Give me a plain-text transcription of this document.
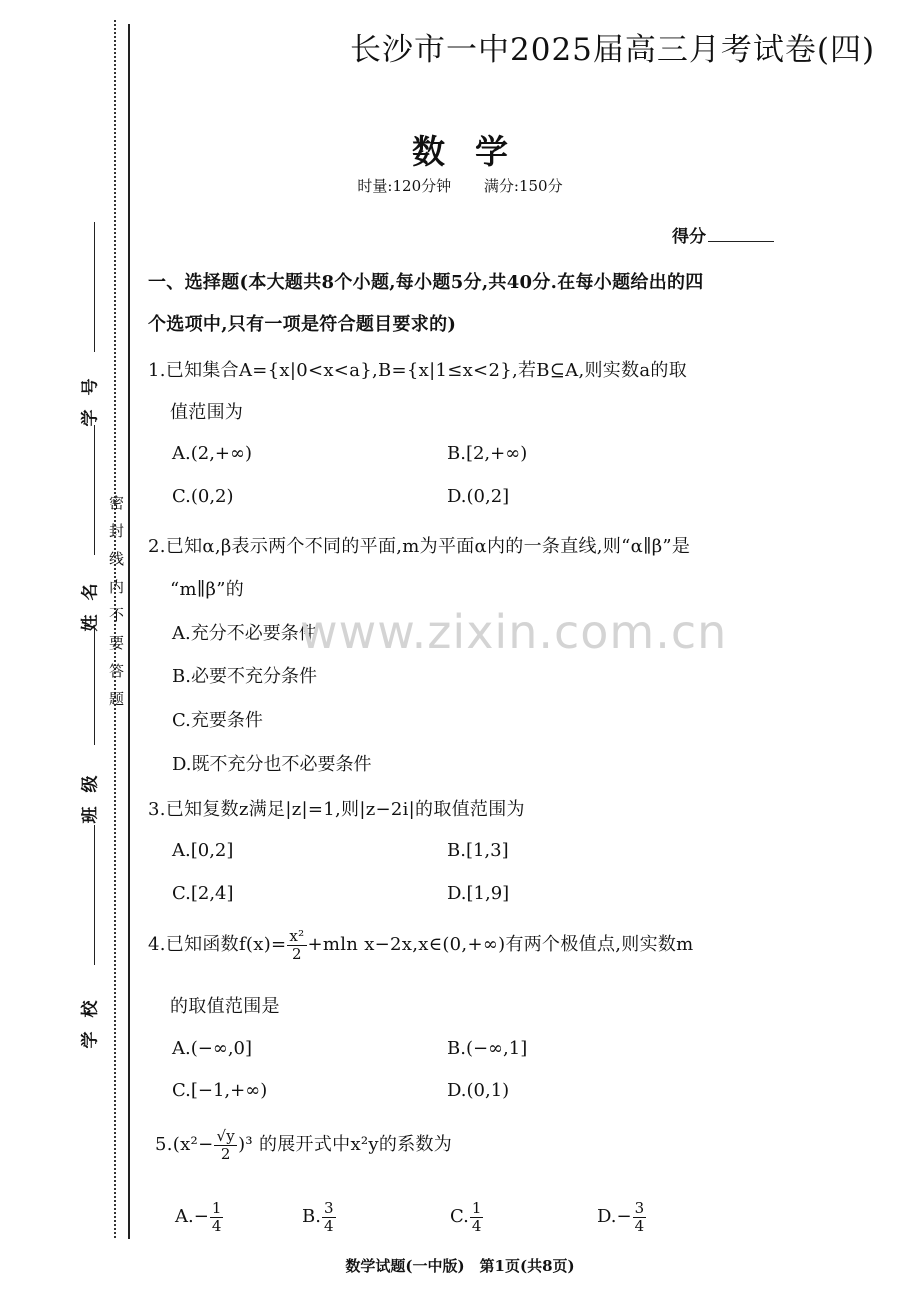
密封线内不要答题
学号
姓名
班级
学校
长沙市一中2025届高三月考试卷(四)
数学
时量:120分钟 满分:150分
得分
一、选择题(本大题共8个小题,每小题5分,共40分.在每小题给出的四
个选项中,只有一项是符合题目要求的)
1.已知集合A={x|0<x<a},B={x|1≤x<2},若B⊆A,则实数a的取
值范围为
A.(2,+∞)	B.[2,+∞)
C.(0,2)	D.(0,2]
2.已知α,β表示两个不同的平面,m为平面α内的一条直线,则“α∥β”是
“m∥β”的
A.充分不必要条件
B.必要不充分条件
C.充要条件
D.既不充分也不必要条件
3.已知复数z满足|z|=1,则|z−2i|的取值范围为
A.[0,2]	B.[1,3]
C.[2,4]	D.[1,9]
4.已知函数$f(x)= \frac{\text{x²}}{2} +mln$ x−2x,x∈(0,+∞)有两个极值点,则实数m
的取值范围是
A.(−∞,0]	B.(−∞,1]
C.[−1,+∞)	D.(0,1)
$5.(x^2- \frac{√y}{2} )^3$ 的展开式中x²y的系数为
$A.- \frac{1}{4}$	B. $\frac{3}{4}$	C. $\frac{1}{4}$	$D.- \frac{3}{4}$
www.zixin.com.cn
数学试题(一中版)　第1页(共8页)
